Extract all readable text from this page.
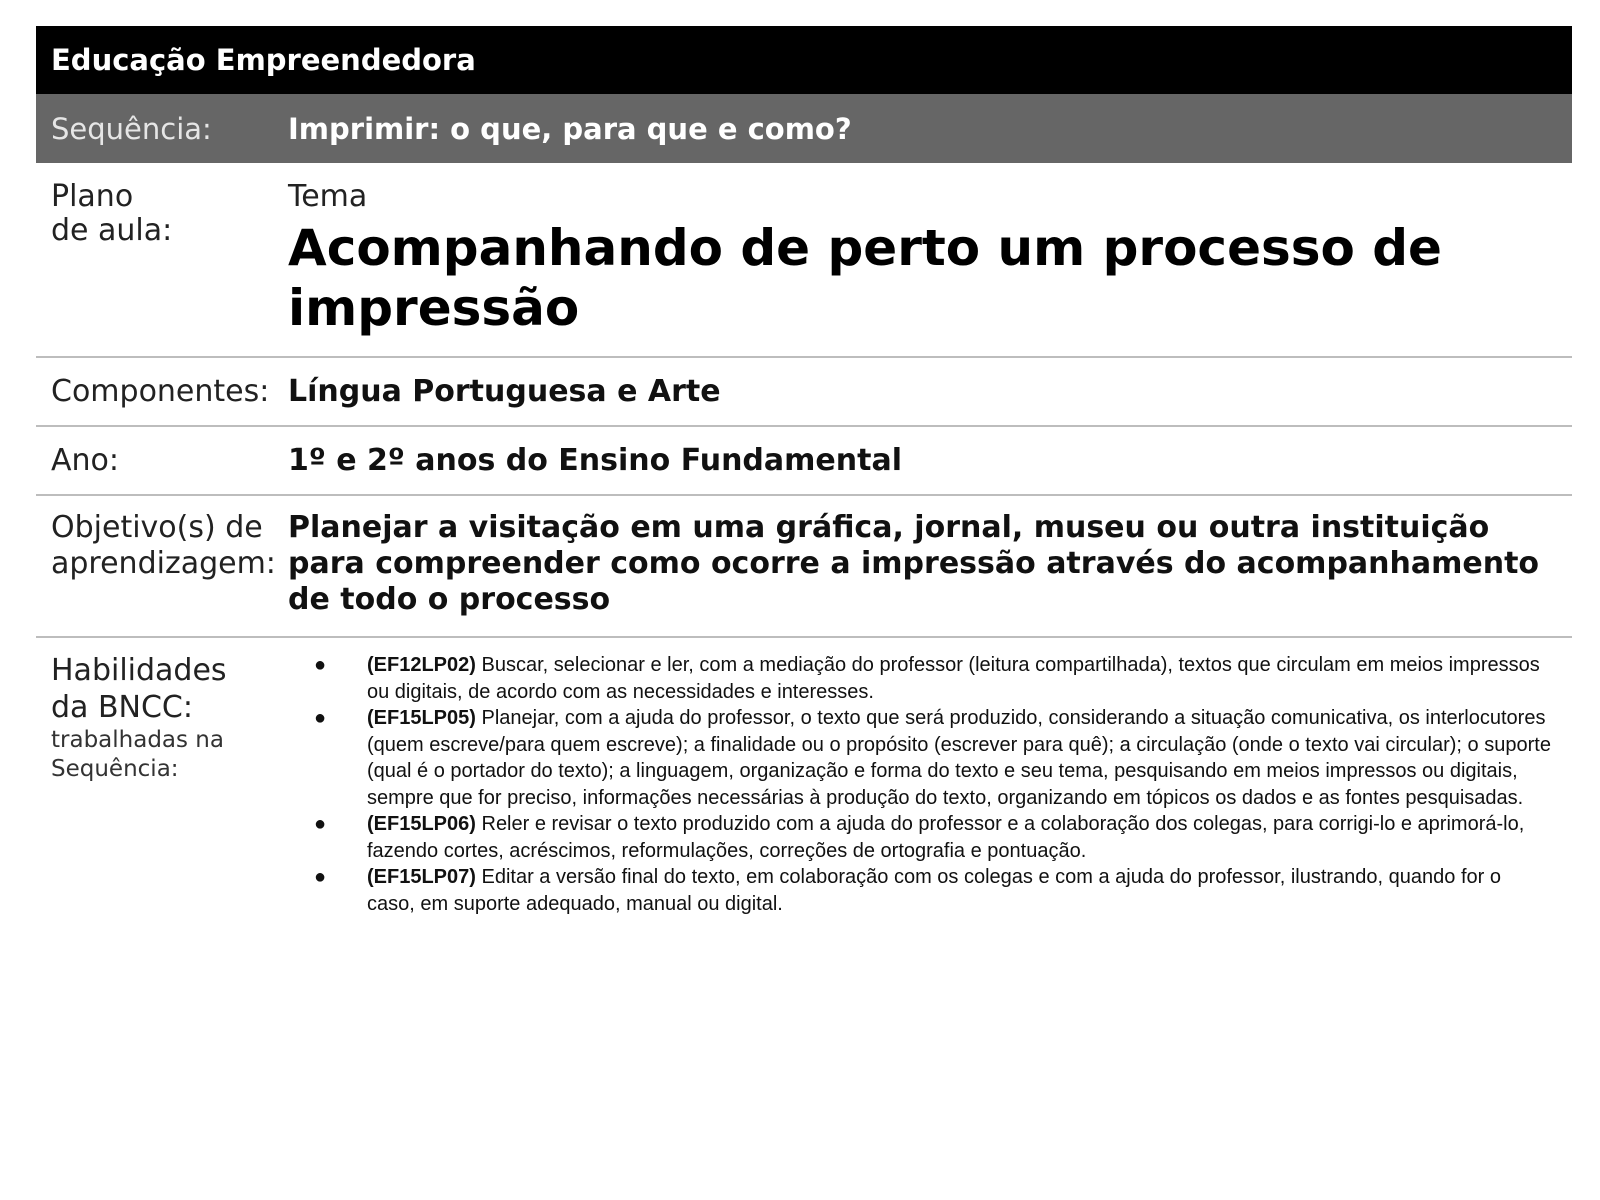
Educação Empreendedora
Sequência:	Imprimir: o que, para que e como?
Plano
de aula:
Tema
Acompanhando de perto um processo de impressão
Componentes: Língua Portuguesa e Arte
Ano:	1º e 2º anos do Ensino Fundamental
Objetivo(s) de
aprendizagem:
Planejar a visitação em uma gráfica, jornal, museu ou outra instituição para compreender como ocorre a impressão através do acompanhamento de todo o processo
Habilidades
da BNCC:
trabalhadas na
Sequência:
● (EF12LP02) Buscar, selecionar e ler, com a mediação do professor (leitura compartilhada), textos que circulam em meios impressos ou digitais, de acordo com as necessidades e interesses.
● (EF15LP05) Planejar, com a ajuda do professor, o texto que será produzido, considerando a situação comunicativa, os interlocutores (quem escreve/para quem escreve); a finalidade ou o propósito (escrever para quê); a circulação (onde o texto vai circular); o suporte (qual é o portador do texto); a linguagem, organização e forma do texto e seu tema, pesquisando em meios impressos ou digitais, sempre que for preciso, informações necessárias à produção do texto, organizando em tópicos os dados e as fontes pesquisadas.
● (EF15LP06) Reler e revisar o texto produzido com a ajuda do professor e a colaboração dos colegas, para corrigi-lo e aprimorá-lo, fazendo cortes, acréscimos, reformulações, correções de ortografia e pontuação.
● (EF15LP07) Editar a versão final do texto, em colaboração com os colegas e com a ajuda do professor, ilustrando, quando for o caso, em suporte adequado, manual ou digital.
